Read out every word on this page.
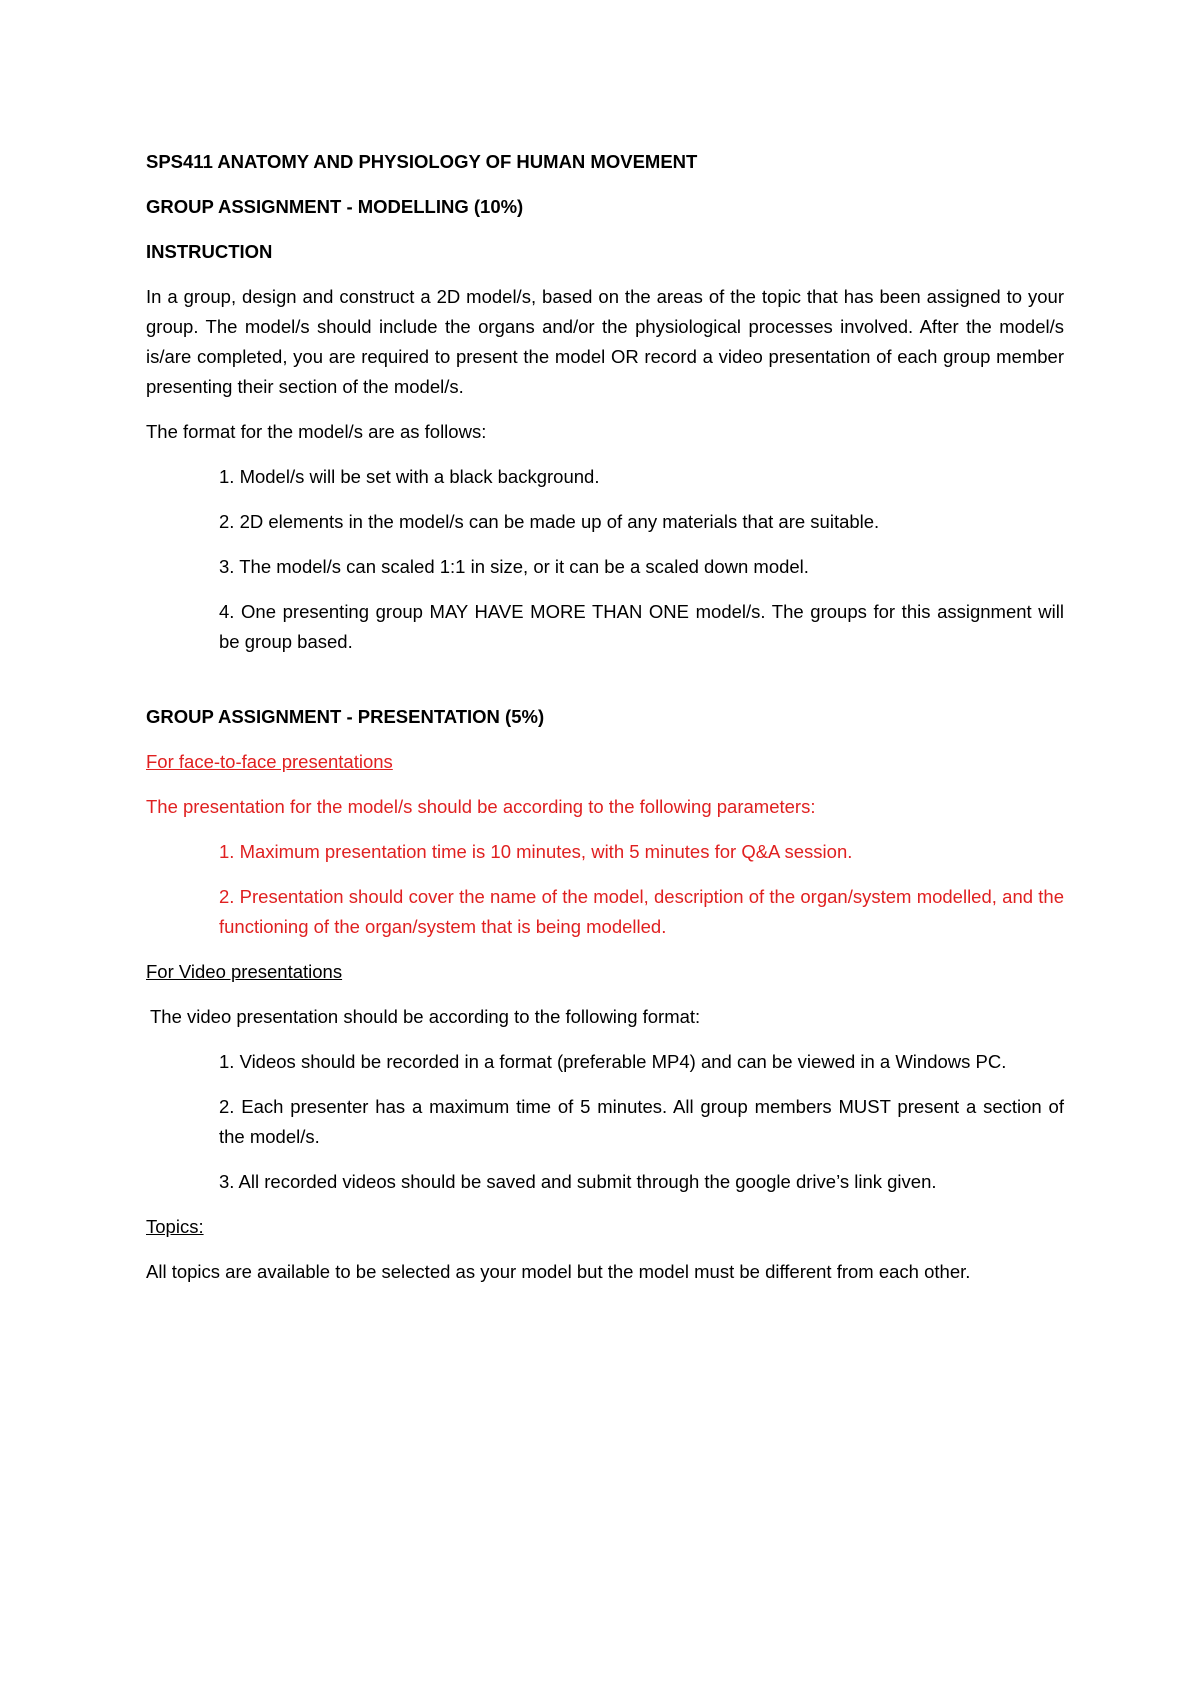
SPS411 ANATOMY AND PHYSIOLOGY OF HUMAN MOVEMENT
GROUP ASSIGNMENT - MODELLING (10%)
INSTRUCTION

In a group, design and construct a 2D model/s, based on the areas of the topic that has been assigned to your group. The model/s should include the organs and/or the physiological processes involved. After the model/s is/are completed, you are required to present the model OR record a video presentation of each group member presenting their section of the model/s.

The format for the model/s are as follows:

1. Model/s will be set with a black background.
2. 2D elements in the model/s can be made up of any materials that are suitable.
3. The model/s can scaled 1:1 in size, or it can be a scaled down model.
4. One presenting group MAY HAVE MORE THAN ONE model/s. The groups for this assignment will be group based.
GROUP ASSIGNMENT - PRESENTATION (5%)

For face-to-face presentations

The presentation for the model/s should be according to the following parameters:

1. Maximum presentation time is 10 minutes, with 5 minutes for Q&A session.
2. Presentation should cover the name of the model, description of the organ/system modelled, and the functioning of the organ/system that is being modelled.

For Video presentations

The video presentation should be according to the following format:

1. Videos should be recorded in a format (preferable MP4) and can be viewed in a Windows PC.
2. Each presenter has a maximum time of 5 minutes. All group members MUST present a section of the model/s.
3. All recorded videos should be saved and submit through the google drive’s link given.

Topics:

All topics are available to be selected as your model but the model must be different from each other.
